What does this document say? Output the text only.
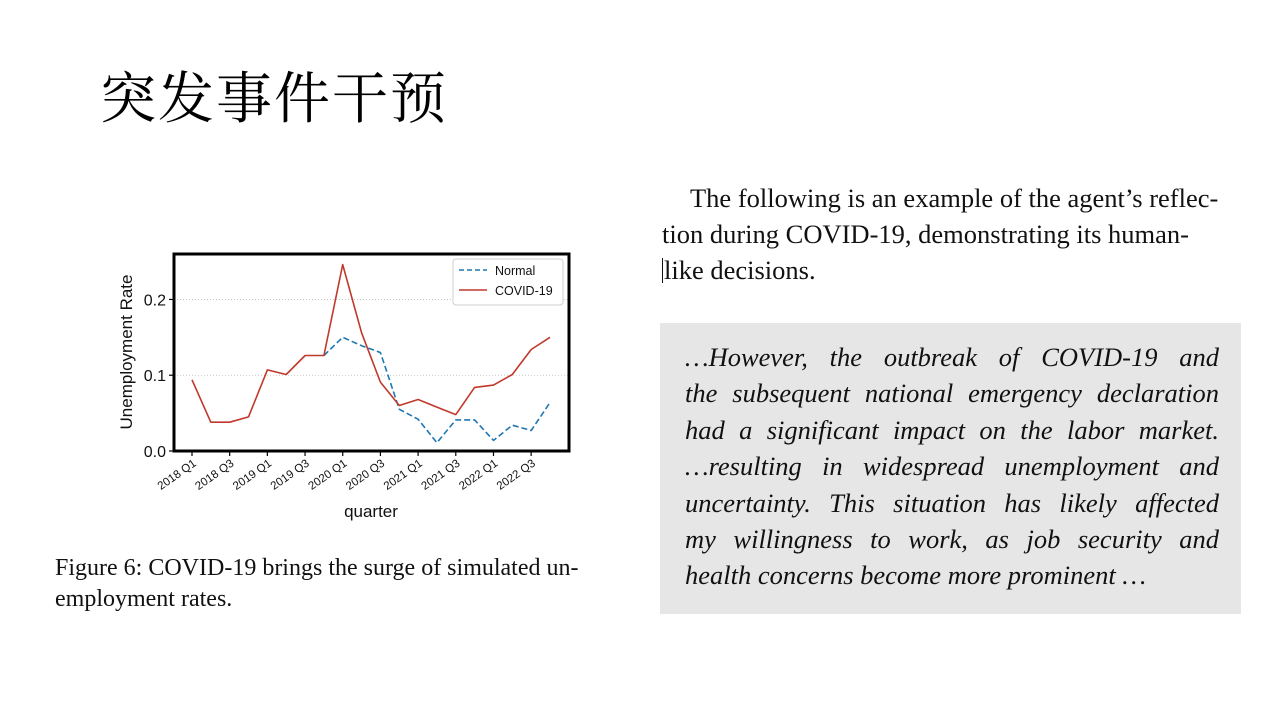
突发事件干预
0.0
0.1
0.2
2018 Q1
2018 Q3
2019 Q1
2019 Q3
2020 Q1
2020 Q3
2021 Q1
2021 Q3
2022 Q1
2022 Q3
Unemployment Rate
quarter
Normal
COVID-19
Figure 6: COVID-19 brings the surge of simulated un-
employment rates.
The following is an example of the agent’s reflec-
tion during COVID-19, demonstrating its human-
like decisions.
…However, the outbreak of COVID-19 and
the subsequent national emergency declaration
had a significant impact on the labor market.
…resulting in widespread unemployment and
uncertainty. This situation has likely affected
my willingness to work, as job security and
health concerns become more prominent …
